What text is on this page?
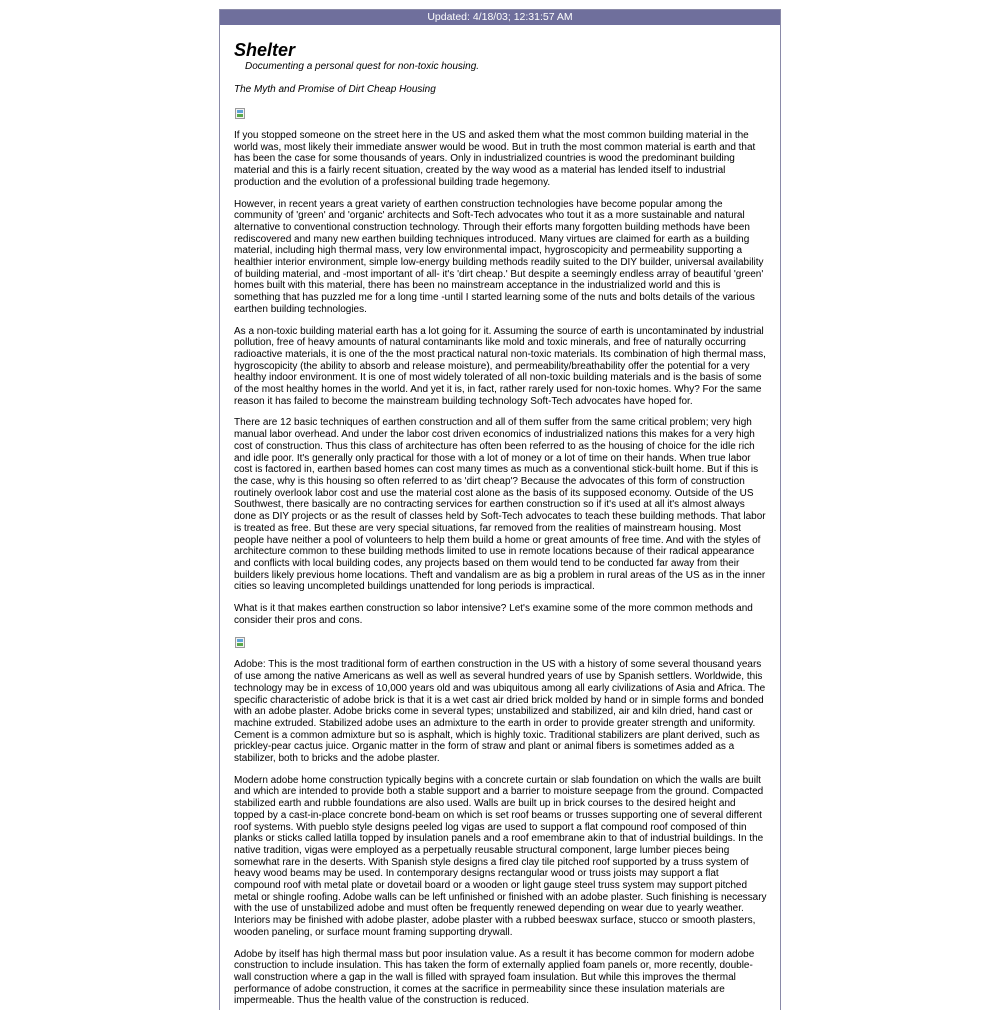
Updated: 4/18/03; 12:31:57 AM
Shelter
Documenting a personal quest for non-toxic housing.
The Myth and Promise of Dirt Cheap Housing

If you stopped someone on the street here in the US and asked them what the most common building material in the world was, most likely their immediate answer would be wood. But in truth the most common material is earth and that has been the case for some thousands of years. Only in industrialized countries is wood the predominant building material and this is a fairly recent situation, created by the way wood as a material has lended itself to industrial production and the evolution of a professional building trade hegemony.

However, in recent years a great variety of earthen construction technologies have become popular among the community of 'green' and 'organic' architects and Soft-Tech advocates who tout it as a more sustainable and natural alternative to conventional construction technology. Through their efforts many forgotten building methods have been rediscovered and many new earthen building techniques introduced. Many virtues are claimed for earth as a building material, including high thermal mass, very low environmental impact, hygroscopicity and permeability supporting a healthier interior environment, simple low-energy building methods readily suited to the DIY builder, universal availability of building material, and -most important of all- it's 'dirt cheap.' But despite a seemingly endless array of beautiful 'green' homes built with this material, there has been no mainstream acceptance in the industrialized world and this is something that has puzzled me for a long time -until I started learning some of the nuts and bolts details of the various earthen building technologies.

As a non-toxic building material earth has a lot going for it. Assuming the source of earth is uncontaminated by industrial pollution, free of heavy amounts of natural contaminants like mold and toxic minerals, and free of naturally occurring radioactive materials, it is one of the the most practical natural non-toxic materials. Its combination of high thermal mass, hygroscopicity (the ability to absorb and release moisture), and permeability/breathability offer the potential for a very healthy indoor environment. It is one of most widely tolerated of all non-toxic building materials and is the basis of some of the most healthy homes in the world. And yet it is, in fact, rather rarely used for non-toxic homes. Why? For the same reason it has failed to become the mainstream building technology Soft-Tech advocates have hoped for.

There are 12 basic techniques of earthen construction and all of them suffer from the same critical problem; very high manual labor overhead. And under the labor cost driven economics of industrialized nations this makes for a very high cost of construction. Thus this class of architecture has often been referred to as the housing of choice for the idle rich and idle poor. It's generally only practical for those with a lot of money or a lot of time on their hands. When true labor cost is factored in, earthen based homes can cost many times as much as a conventional stick-built home. But if this is the case, why is this housing so often referred to as 'dirt cheap'? Because the advocates of this form of construction routinely overlook labor cost and use the material cost alone as the basis of its supposed economy. Outside of the US Southwest, there basically are no contracting services for earthen construction so if it's used at all it's almost always done as DIY projects or as the result of classes held by Soft-Tech advocates to teach these building methods. That labor is treated as free. But these are very special situations, far removed from the realities of mainstream housing. Most people have neither a pool of volunteers to help them build a home or great amounts of free time. And with the styles of architecture common to these building methods limited to use in remote locations because of their radical appearance and conflicts with local building codes, any projects based on them would tend to be conducted far away from their builders likely previous home locations. Theft and vandalism are as big a problem in rural areas of the US as in the inner cities so leaving uncompleted buildings unattended for long periods is impractical.

What is it that makes earthen construction so labor intensive? Let's examine some of the more common methods and consider their pros and cons.

Adobe: This is the most traditional form of earthen construction in the US with a history of some several thousand years of use among the native Americans as well as well as several hundred years of use by Spanish settlers. Worldwide, this technology may be in excess of 10,000 years old and was ubiquitous among all early civilizations of Asia and Africa. The specific characteristic of adobe brick is that it is a wet cast air dried brick molded by hand or in simple forms and bonded with an adobe plaster. Adobe bricks come in several types; unstabilized and stabilized, air and kiln dried, hand cast or machine extruded. Stabilized adobe uses an admixture to the earth in order to provide greater strength and uniformity. Cement is a common admixture but so is asphalt, which is highly toxic. Traditional stabilizers are plant derived, such as prickley-pear cactus juice. Organic matter in the form of straw and plant or animal fibers is sometimes added as a stabilizer, both to bricks and the adobe plaster.

Modern adobe home construction typically begins with a concrete curtain or slab foundation on which the walls are built and which are intended to provide both a stable support and a barrier to moisture seepage from the ground. Compacted stabilized earth and rubble foundations are also used. Walls are built up in brick courses to the desired height and topped by a cast-in-place concrete bond-beam on which is set roof beams or trusses supporting one of several different roof systems. With pueblo style designs peeled log vigas are used to support a flat compound roof composed of thin planks or sticks called latilla topped by insulation panels and a roof emembrane akin to that of industrial buildings. In the native tradition, vigas were employed as a perpetually reusable structural component, large lumber pieces being somewhat rare in the deserts. With Spanish style designs a fired clay tile pitched roof supported by a truss system of heavy wood beams may be used. In contemporary designs rectangular wood or truss joists may support a flat compound roof with metal plate or dovetail board or a wooden or light gauge steel truss system may support pitched metal or shingle roofing. Adobe walls can be left unfinished or finished with an adobe plaster. Such finishing is necessary with the use of unstabilized adobe and must often be frequently renewed depending on wear due to yearly weather. Interiors may be finished with adobe plaster, adobe plaster with a rubbed beeswax surface, stucco or smooth plasters, wooden paneling, or surface mount framing supporting drywall.

Adobe by itself has high thermal mass but poor insulation value. As a result it has become common for modern adobe construction to include insulation. This has taken the form of externally applied foam panels or, more recently, double-wall construction where a gap in the wall is filled with sprayed foam insulation. But while this improves the thermal performance of adobe construction, it comes at the sacrifice in permeability since these insulation materials are impermeable. Thus the health value of the construction is reduced.
